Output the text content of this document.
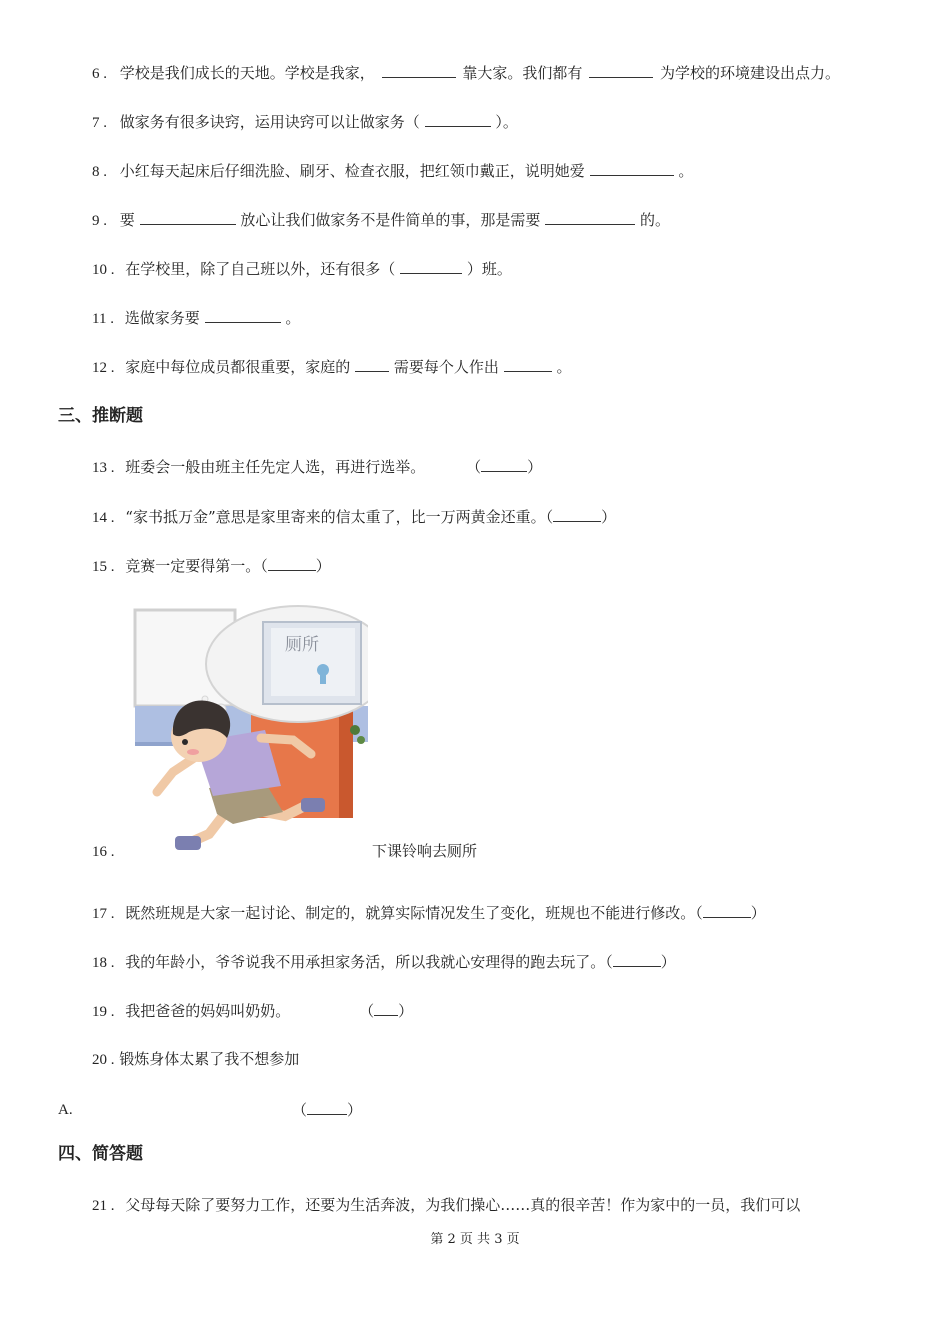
6 . 学校是我们成长的天地。学校是我家，	靠大家。我们都有	为学校的环境建设出点力。
7 . 做家务有很多诀窍，运用诀窍可以让做家务（	）。
8 . 小红每天起床后仔细洗脸、刷牙、检查衣服，把红领巾戴正，说明她爱	。
9 . 要	放心让我们做家务不是件简单的事，那是需要	的。
10 . 在学校里，除了自己班以外，还有很多（	）班。
11 . 选做家务要	。
12 . 家庭中每位成员都很重要，家庭的	需要每个人作出	。
三、推断题
13 . 班委会一般由班主任先定人选，再进行选举。	（	）
14 . “家书抵万金”意思是家里寄来的信太重了，比一万两黄金还重。（	）
15 . 竞赛一定要得第一。（	）
厕所
16 .	下课铃响去厕所
17 . 既然班规是大家一起讨论、制定的，就算实际情况发生了变化，班规也不能进行修改。（	）
18 . 我的年龄小，爷爷说我不用承担家务活，所以我就心安理得的跑去玩了。（	）
19 . 我把爸爸的妈妈叫奶奶。	（ ）
20 . 锻炼身体太累了我不想参加
A.	（	）
四、简答题
21 . 父母每天除了要努力工作，还要为生活奔波，为我们操心……真的很辛苦！作为家中的一员，我们可以
第 2 页 共 3 页
